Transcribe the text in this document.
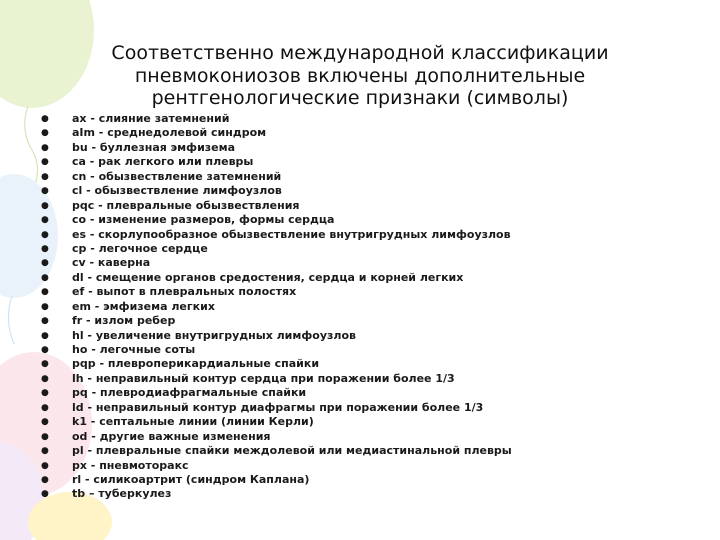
Соответственно международной классификации
пневмокониозов включены дополнительные
рентгенологические признаки (символы)
● ax - слияние затемнений
● aIm - среднедолевой синдром
● bu - буллезная эмфизема
● ca - рак легкого или плевры
● cn - обызвествление затемнений
● cl - обызвествление лимфоузлов
● pqc - плевральные обызвествления
● co - изменение размеров, формы сердца
● es - скорлупообразное обызвествление внутригрудных лимфоузлов
● cp - легочное сердце
● cv - каверна
● dl - смещение органов средостения, сердца и корней легких
● ef - выпот в плевральных полостях
● em - эмфизема легких
● fr - излом ребер
● hl - увеличение внутригрудных лимфоузлов
● ho - легочные соты
● pqp - плевроперикардиальные спайки
● lh - неправильный контур сердца при поражении более 1/3
● pq - плевродиафрагмальные спайки
● ld - неправильный контур диафрагмы при поражении более 1/3
● k1 - септальные линии (линии Керли)
● od - другие важные изменения
● pl - плевральные спайки междолевой или медиастинальной плевры
● px - пневмоторакс
● rl - силикоартрит (синдром Каплана)
● tb – туберкулез
